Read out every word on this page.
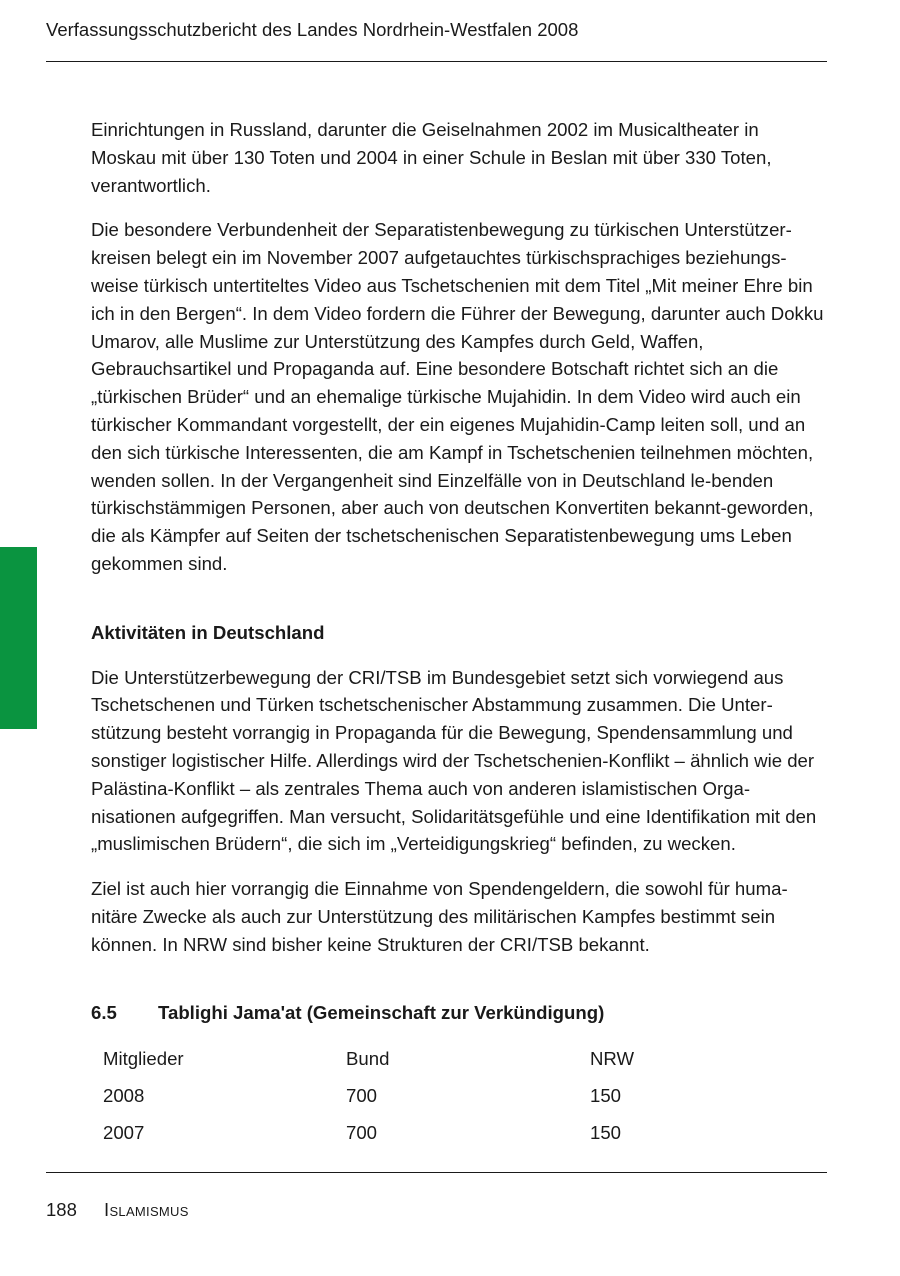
Verfassungsschutzbericht des Landes Nordrhein-Westfalen 2008

Einrichtungen in Russland, darunter die Geiselnahmen 2002 im Musicaltheater in Moskau mit über 130 Toten und 2004 in einer Schule in Beslan mit über 330 Toten, verantwortlich.

Die besondere Verbundenheit der Separatistenbewegung zu türkischen Unterstützer-kreisen belegt ein im November 2007 aufgetauchtes türkischsprachiges beziehungs-weise türkisch untertiteltes Video aus Tschetschenien mit dem Titel „Mit meiner Ehre bin ich in den Bergen“. In dem Video fordern die Führer der Bewegung, darunter auch Dokku Umarov, alle Muslime zur Unterstützung des Kampfes durch Geld, Waffen, Gebrauchsartikel und Propaganda auf. Eine besondere Botschaft richtet sich an die „türkischen Brüder“ und an ehemalige türkische Mujahidin. In dem Video wird auch ein türkischer Kommandant vorgestellt, der ein eigenes Mujahidin-Camp leiten soll, und an den sich türkische Interessenten, die am Kampf in Tschetschenien teilnehmen möchten, wenden sollen. In der Vergangenheit sind Einzelfälle von in Deutschland le-benden türkischstämmigen Personen, aber auch von deutschen Konvertiten bekannt-geworden, die als Kämpfer auf Seiten der tschetschenischen Separatistenbewegung ums Leben gekommen sind.

Aktivitäten in Deutschland

Die Unterstützerbewegung der CRI/TSB im Bundesgebiet setzt sich vorwiegend aus Tschetschenen und Türken tschetschenischer Abstammung zusammen. Die Unter-stützung besteht vorrangig in Propaganda für die Bewegung, Spendensammlung und sonstiger logistischer Hilfe. Allerdings wird der Tschetschenien-Konflikt – ähnlich wie der Palästina-Konflikt – als zentrales Thema auch von anderen islamistischen Orga-nisationen aufgegriffen. Man versucht, Solidaritätsgefühle und eine Identifikation mit den „muslimischen Brüdern“, die sich im „Verteidigungskrieg“ befinden, zu wecken.

Ziel ist auch hier vorrangig die Einnahme von Spendengeldern, die sowohl für huma-nitäre Zwecke als auch zur Unterstützung des militärischen Kampfes bestimmt sein können. In NRW sind bisher keine Strukturen der CRI/TSB bekannt.

6.5	Tablighi Jama'at (Gemeinschaft zur Verkündigung)

Mitglieder	Bund	NRW
2008	700	150
2007	700	150
188	Islamismus
